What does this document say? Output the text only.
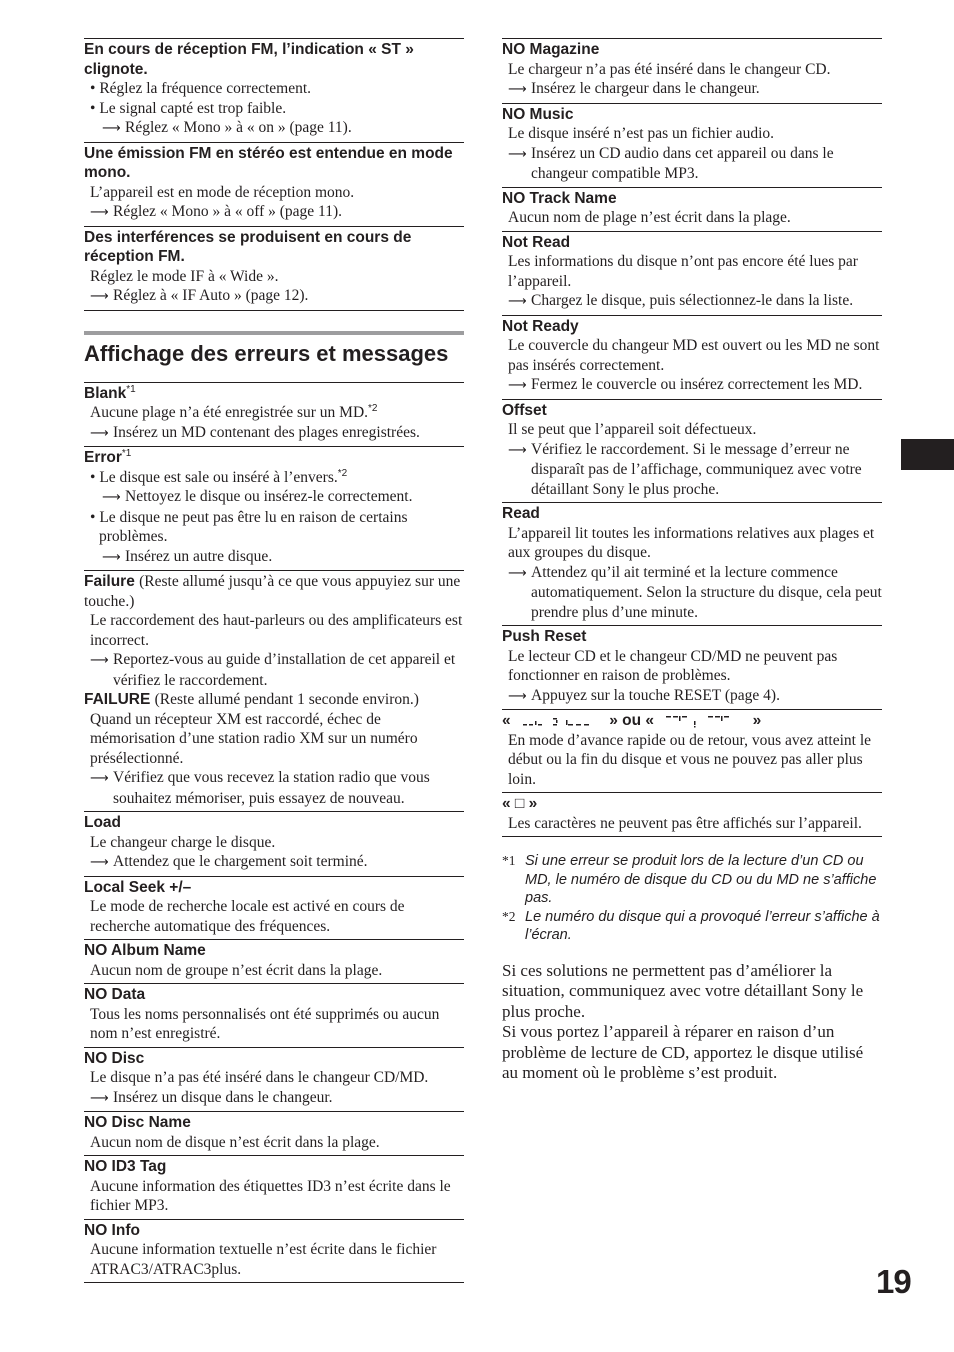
En cours de réception FM, l’indication « ST » clignote.
• Réglez la fréquence correctement.
• Le signal capté est trop faible.
⟶ Réglez « Mono » à « on » (page 11).
Une émission FM en stéréo est entendue en mode mono.
L’appareil est en mode de réception mono.
⟶ Réglez « Mono » à « off » (page 11).
Des interférences se produisent en cours de réception FM.
Réglez le mode IF à « Wide ».
⟶ Réglez à « IF Auto » (page 12).
Affichage des erreurs et messages
Blank$^{*1}$
Aucune plage n’a été enregistrée sur un MD.$^{*2}$
⟶ Insérez un MD contenant des plages enregistrées.
Error$^{*1}$
• Le disque est sale ou inséré à l’envers.$^{*2}$
⟶ Nettoyez le disque ou insérez-le correctement.
• Le disque ne peut pas être lu en raison de certains problèmes.
⟶ Insérez un autre disque.
Failure (Reste allumé jusqu’à ce que vous appuyiez sur une touche.)
Le raccordement des haut-parleurs ou des amplificateurs est incorrect.
⟶ Reportez-vous au guide d’installation de cet appareil et vérifiez le raccordement.
FAILURE (Reste allumé pendant 1 seconde environ.)
Quand un récepteur XM est raccordé, échec de mémorisation d’une station radio XM sur un numéro présélectionné.
⟶ Vérifiez que vous recevez la station radio que vous souhaitez mémoriser, puis essayez de nouveau.
Load
Le changeur charge le disque.
⟶ Attendez que le chargement soit terminé.
Local Seek +/–
Le mode de recherche locale est activé en cours de recherche automatique des fréquences.
NO Album Name
Aucun nom de groupe n’est écrit dans la plage.
NO Data
Tous les noms personnalisés ont été supprimés ou aucun nom n’est enregistré.
NO Disc
Le disque n’a pas été inséré dans le changeur CD/MD.
⟶ Insérez un disque dans le changeur.
NO Disc Name
Aucun nom de disque n’est écrit dans la plage.
NO ID3 Tag
Aucune information des étiquettes ID3 n’est écrite dans le fichier MP3.
NO Info
Aucune information textuelle n’est écrite dans le fichier ATRAC3/ATRAC3plus.
NO Magazine
Le chargeur n’a pas été inséré dans le changeur CD.
⟶ Insérez le chargeur dans le changeur.
NO Music
Le disque inséré n’est pas un fichier audio.
⟶ Insérez un CD audio dans cet appareil ou dans le changeur compatible MP3.
NO Track Name
Aucun nom de plage n’est écrit dans la plage.
Not Read
Les informations du disque n’ont pas encore été lues par l’appareil.
⟶ Chargez le disque, puis sélectionnez-le dans la liste.
Not Ready
Le couvercle du changeur MD est ouvert ou les MD ne sont pas insérés correctement.
⟶ Fermez le couvercle ou insérez correctement les MD.
Offset
Il se peut que l’appareil soit défectueux.
⟶ Vérifiez le raccordement. Si le message d’erreur ne disparaît pas de l’affichage, communiquez avec votre détaillant Sony le plus proche.
Read
L’appareil lit toutes les informations relatives aux plages et aux groupes du disque.
⟶ Attendez qu’il ait terminé et la lecture commence automatiquement. Selon la structure du disque, cela peut prendre plus d’une minute.
Push Reset
Le lecteur CD et le changeur CD/MD ne peuvent pas fonctionner en raison de problèmes.
⟶ Appuyez sur la touche RESET (page 4).
«	» ou «	»
En mode d’avance rapide ou de retour, vous avez atteint le début ou la fin du disque et vous ne pouvez pas aller plus loin.
« □ »
Les caractères ne peuvent pas être affichés sur l’appareil.
*1 Si une erreur se produit lors de la lecture d’un CD ou MD, le numéro de disque du CD ou du MD ne s’affiche pas.
*2 Le numéro du disque qui a provoqué l’erreur s’affiche à l’écran.
Si ces solutions ne permettent pas d’améliorer la situation, communiquez avec votre détaillant Sony le plus proche.
Si vous portez l’appareil à réparer en raison d’un problème de lecture de CD, apportez le disque utilisé au moment où le problème s’est produit.
19
